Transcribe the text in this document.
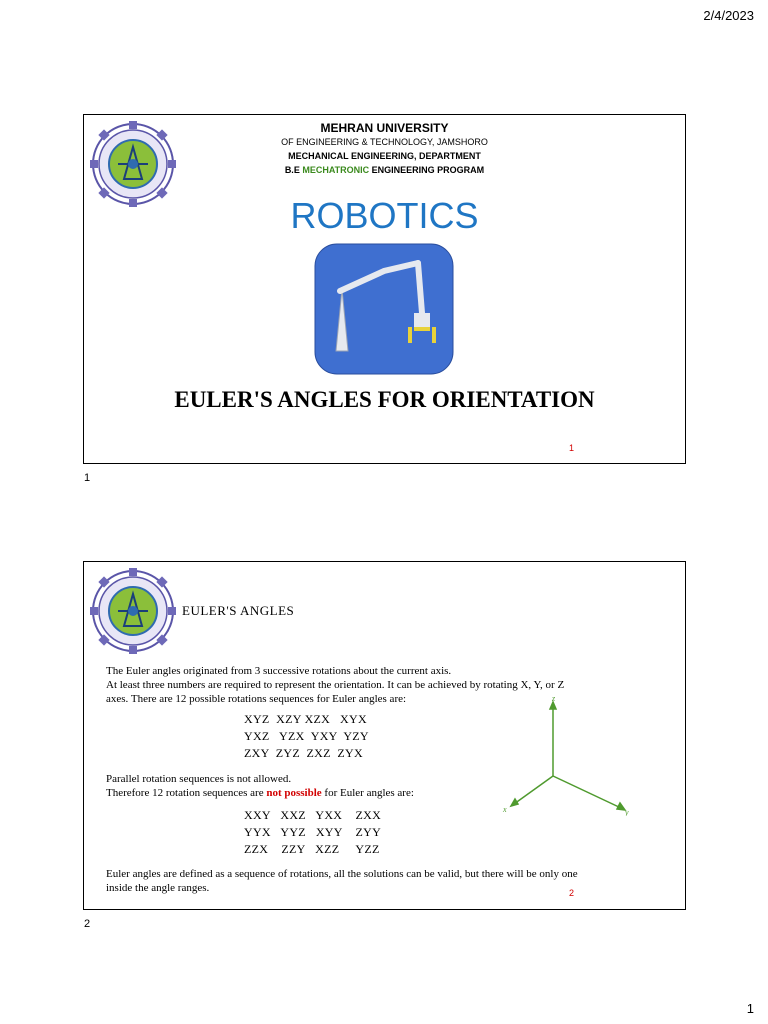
2/4/2023
MEHRAN UNIVERSITY
OF ENGINEERING & TECHNOLOGY, JAMSHORO
MECHANICAL ENGINEERING, DEPARTMENT
B.E MECHATRONIC ENGINEERING PROGRAM
ROBOTICS
EULER'S ANGLES FOR ORIENTATION
1
1
EULER'S ANGLES
The Euler angles originated from 3 successive rotations about the current axis.
At least three numbers are required to represent the orientation. It can be achieved by rotating X, Y, or Z
axes. There are 12 possible rotations sequences for Euler angles are:
XYZ  XZY XZX   XYX
YXZ   YZX  YXY  YZY
ZXY  ZYZ  ZXZ  ZYX
Parallel rotation sequences is not allowed.
Therefore 12 rotation sequences are not possible for Euler angles are:
XXY   XXZ   YXX    ZXX
YYX   YYZ   XYY    ZYY
ZZX    ZZY   XZZ     YZZ
Euler angles are defined as a sequence of rotations, all the solutions can be valid, but there will be only one
inside the angle ranges.
z
x	y
2
2
1
